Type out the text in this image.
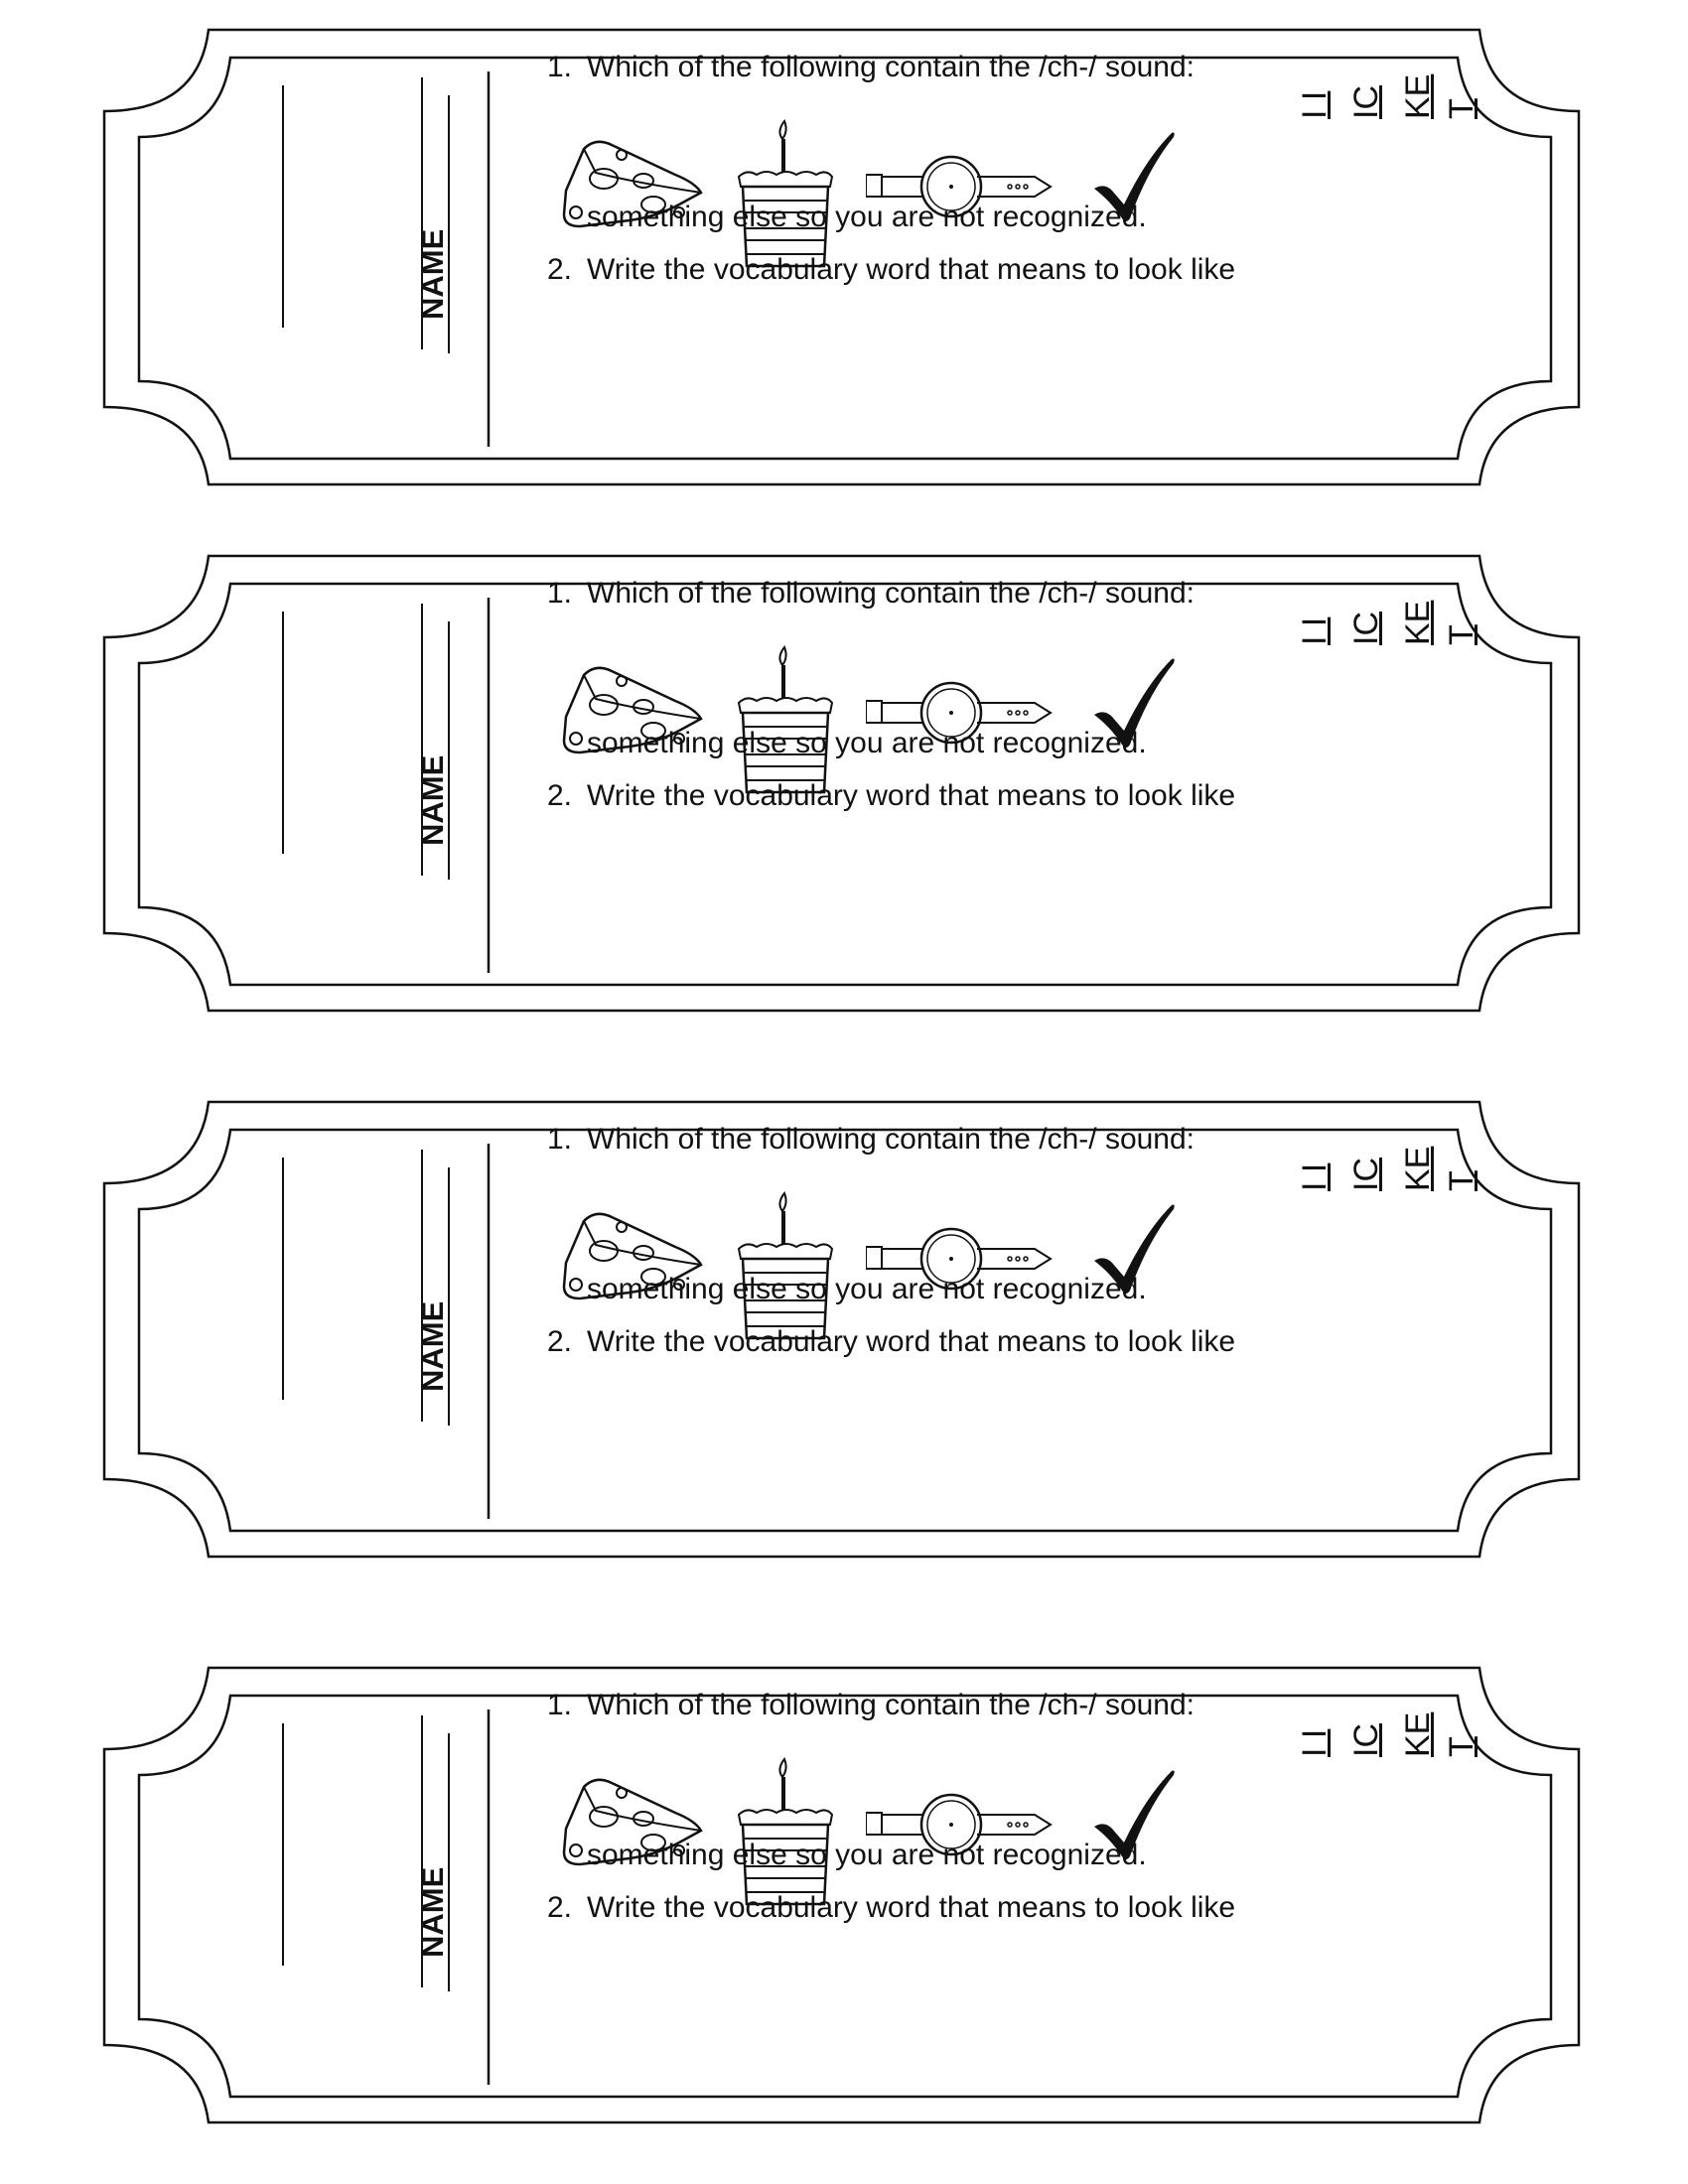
NAME
1. Which of the following contain the /ch-/ sound:
something else so you are not recognized.
2. Write the vocabulary word that means to look like
I I IC KE T
NAME
1. Which of the following contain the /ch-/ sound:
something else so you are not recognized.
2. Write the vocabulary word that means to look like
I I IC KE T
NAME
1. Which of the following contain the /ch-/ sound:
something else so you are not recognized.
2. Write the vocabulary word that means to look like
I I IC KE T
NAME
1. Which of the following contain the /ch-/ sound:
something else so you are not recognized.
2. Write the vocabulary word that means to look like
I I IC KE T
